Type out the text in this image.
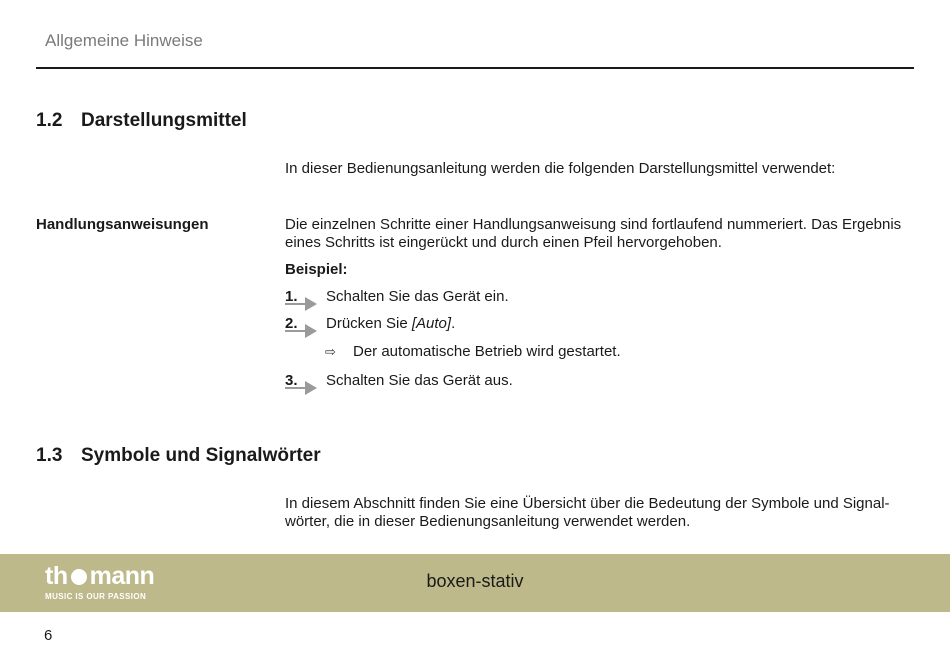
Allgemeine Hinweise
1.2 Darstellungsmittel
In dieser Bedienungsanleitung werden die folgenden Darstellungsmittel verwendet:
Handlungsanweisungen	Die einzelnen Schritte einer Handlungsanweisung sind fortlaufend nummeriert. Das Ergebnis
eines Schritts ist eingerückt und durch einen Pfeil hervorgehoben.
Beispiel:
1.	Schalten Sie das Gerät ein.
2.	Drücken Sie [Auto].
⇨ Der automatische Betrieb wird gestartet.
3.	Schalten Sie das Gerät aus.
1.3 Symbole und Signalwörter
In diesem Abschnitt finden Sie eine Übersicht über die Bedeutung der Symbole und Signal-
wörter, die in dieser Bedienungsanleitung verwendet werden.
th mann
MUSIC IS OUR PASSION
boxen-stativ
6
